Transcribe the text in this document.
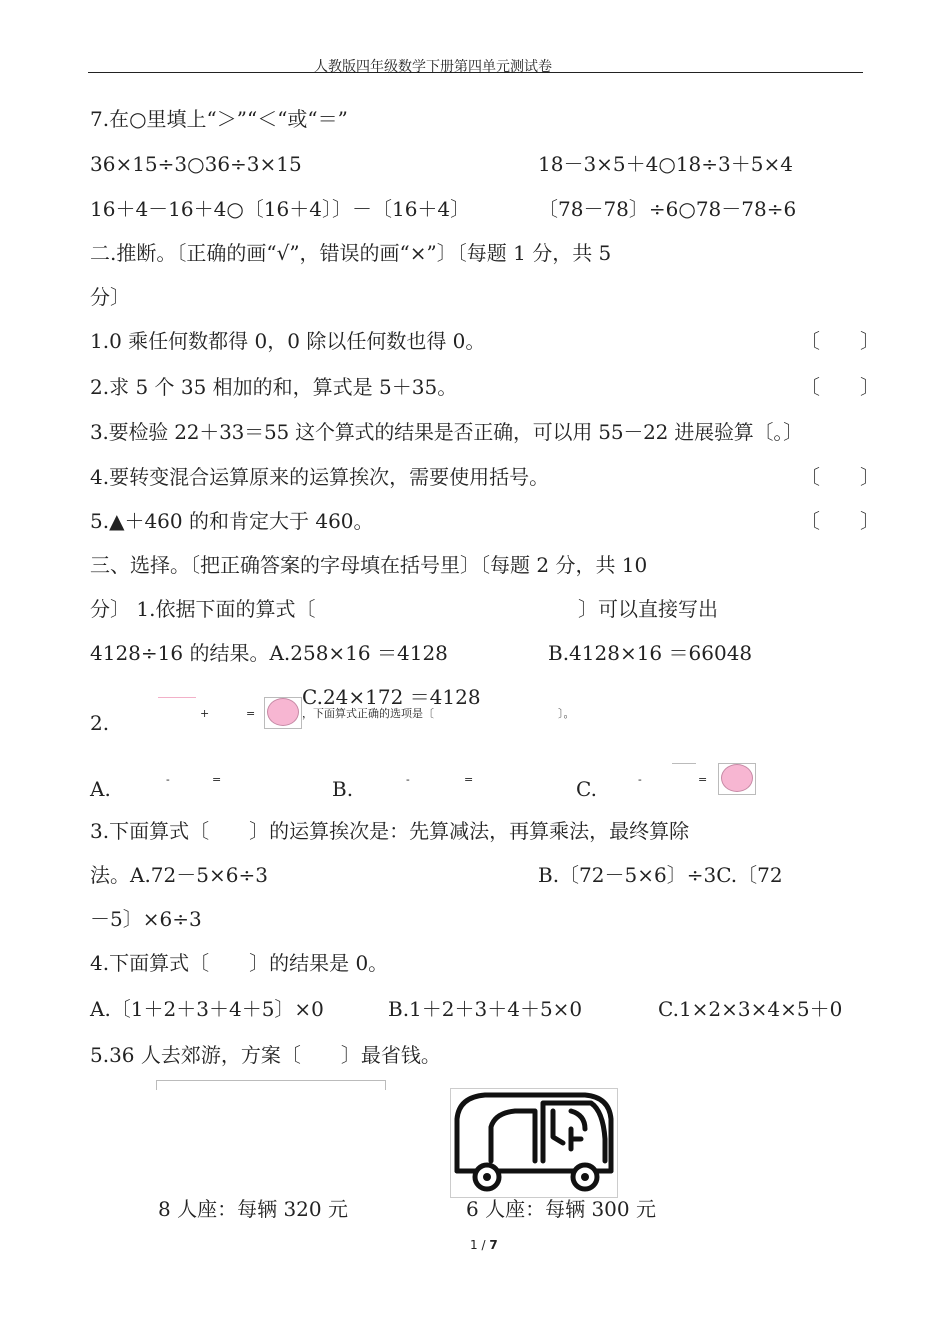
人教版四年级数学下册第四单元测试卷
7.在○里填上“＞”“＜“或“＝”
36×15÷3○36÷3×15	18－3×5＋4○18÷3＋5×4
16＋4－16＋4○〔16＋4〕〕－〔16＋4〕	〔78－78〕÷6○78－78÷6
二.推断。〔正确的画“√”，错误的画“×”〕〔每题 1 分，共 5
分〕
1.0 乘任何数都得 0，0 除以任何数也得 0。	〔　　〕
2.求 5 个 35 相加的和，算式是 5＋35。	〔　　〕
3.要检验 22＋33＝55 这个算式的结果是否正确，可以用 55－22 进展验算〔。〕
4.要转变混合运算原来的运算挨次，需要使用括号。	〔　　〕
5.▲＋460 的和肯定大于 460。	〔　　〕
三、选择。〔把正确答案的字母填在括号里〕〔每题 2 分，共 10
分〕 1.依据下面的算式〔	〕可以直接写出
4128÷16 的结果。A.258×16 ＝4128	B.4128×16 ＝66048
C.24×172 ＝4128
2.	+	=	，下面算式正确的选项是〔	〕。
A.	-	=	B.	-	=	C.	-	=
3.下面算式〔　　〕的运算挨次是：先算减法，再算乘法，最终算除
法。A.72－5×6÷3	B.〔72－5×6〕÷3C.〔72
－5〕×6÷3
4.下面算式〔　　〕的结果是 0。
A.〔1＋2＋3＋4＋5〕×0	B.1＋2＋3＋4＋5×0	C.1×2×3×4×5＋0
5.36 人去郊游，方案〔　　〕最省钱。
8 人座：每辆 320 元	6 人座：每辆 300 元
1 / 7
